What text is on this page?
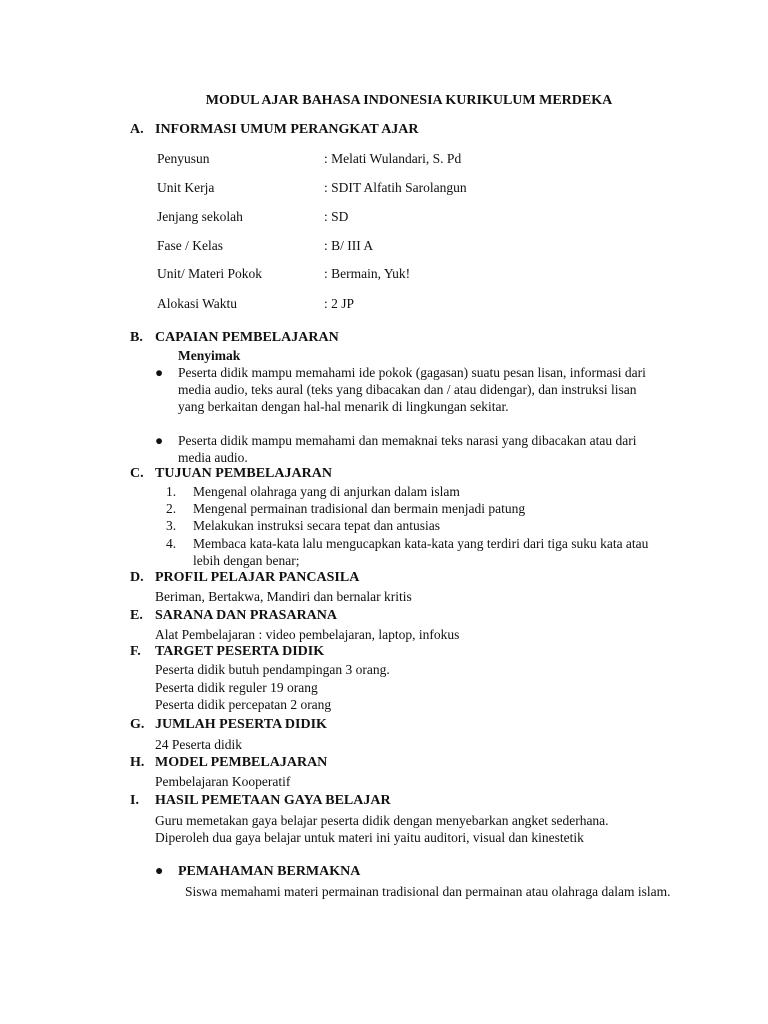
MODUL AJAR BAHASA INDONESIA KURIKULUM MERDEKA
A. INFORMASI UMUM PERANGKAT AJAR
Penyusun	: Melati Wulandari, S. Pd
Unit Kerja	: SDIT Alfatih Sarolangun
Jenjang sekolah	: SD
Fase / Kelas	: B/ III A
Unit/ Materi Pokok	: Bermain, Yuk!
Alokasi Waktu	: 2 JP
B. CAPAIAN PEMBELAJARAN
Menyimak
●	Peserta didik mampu memahami ide pokok (gagasan) suatu pesan lisan, informasi dari media audio, teks aural (teks yang dibacakan dan / atau didengar), dan instruksi lisan yang berkaitan dengan hal-hal menarik di lingkungan sekitar.
●	Peserta didik mampu memahami dan memaknai teks narasi yang dibacakan atau dari media audio.
C. TUJUAN PEMBELAJARAN
1. Mengenal olahraga yang di anjurkan dalam islam
2. Mengenal permainan tradisional dan bermain menjadi patung
3. Melakukan instruksi secara tepat dan antusias
4. Membaca kata-kata lalu mengucapkan kata-kata yang terdiri dari tiga suku kata atau lebih dengan benar;
D. PROFIL PELAJAR PANCASILA
Beriman, Bertakwa, Mandiri dan bernalar kritis
E. SARANA DAN PRASARANA
Alat Pembelajaran : video pembelajaran, laptop, infokus
F. TARGET PESERTA DIDIK
Peserta didik butuh pendampingan 3 orang.
Peserta didik reguler 19 orang
Peserta didik percepatan 2 orang
G. JUMLAH PESERTA DIDIK
24 Peserta didik
H. MODEL PEMBELAJARAN
Pembelajaran Kooperatif
I. HASIL PEMETAAN GAYA BELAJAR
Guru memetakan gaya belajar peserta didik dengan menyebarkan angket sederhana.
Diperoleh dua gaya belajar untuk materi ini yaitu auditori, visual dan kinestetik
● PEMAHAMAN BERMAKNA
Siswa memahami materi permainan tradisional dan permainan atau olahraga dalam islam.
